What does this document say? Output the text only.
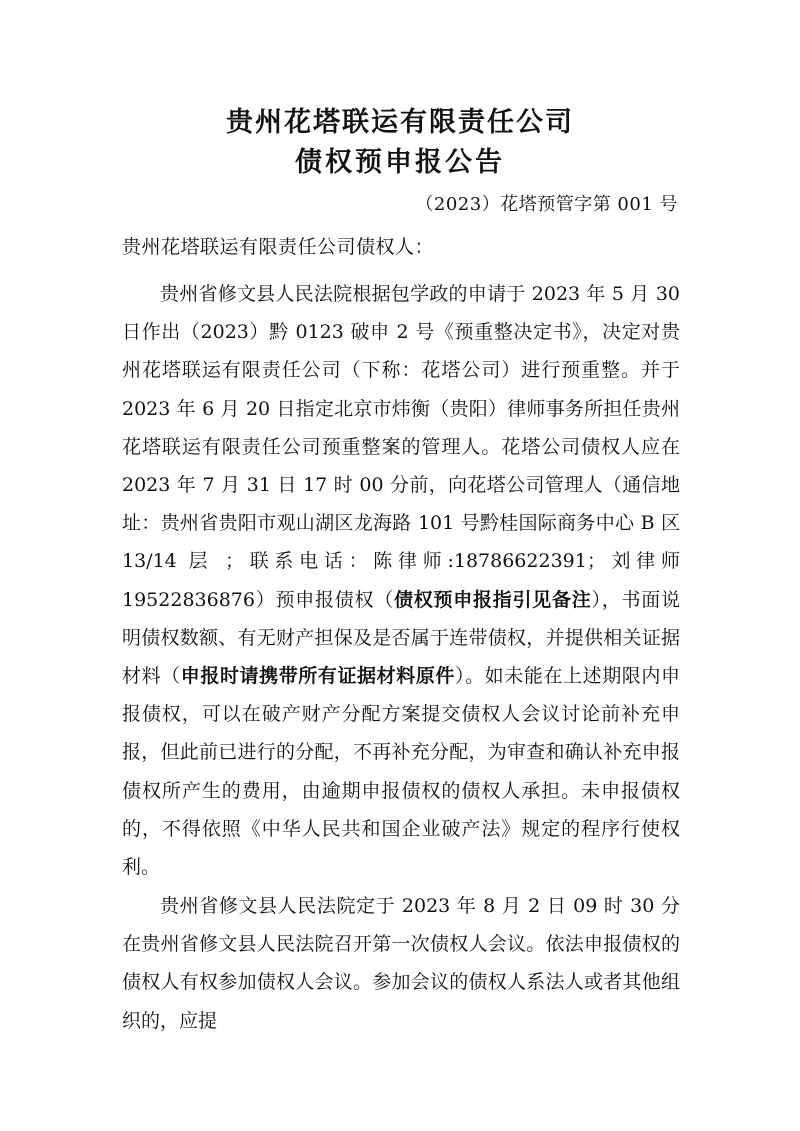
贵州花塔联运有限责任公司
债权预申报公告
（2023）花塔预管字第 001 号
贵州花塔联运有限责任公司债权人：

贵州省修文县人民法院根据包学政的申请于 2023 年 5 月 30 日作出（2023）黔 0123 破申 2 号《预重整决定书》，决定对贵州花塔联运有限责任公司（下称：花塔公司）进行预重整。并于 2023 年 6 月 20 日指定北京市炜衡（贵阳）律师事务所担任贵州花塔联运有限责任公司预重整案的管理人。花塔公司债权人应在 2023 年 7 月 31 日 17 时 00 分前，向花塔公司管理人（通信地址：贵州省贵阳市观山湖区龙海路 101 号黔桂国际商务中心 B 区 13/14 层 ；联系电话：陈律师:18786622391；刘律师 19522836876）预申报债权（债权预申报指引见备注），书面说明债权数额、有无财产担保及是否属于连带债权，并提供相关证据材料（申报时请携带所有证据材料原件）。如未能在上述期限内申报债权，可以在破产财产分配方案提交债权人会议讨论前补充申报，但此前已进行的分配，不再补充分配，为审查和确认补充申报债权所产生的费用，由逾期申报债权的债权人承担。未申报债权的，不得依照《中华人民共和国企业破产法》规定的程序行使权利。

贵州省修文县人民法院定于 2023 年 8 月 2 日 09 时 30 分在贵州省修文县人民法院召开第一次债权人会议。依法申报债权的债权人有权参加债权人会议。参加会议的债权人系法人或者其他组织的，应提
